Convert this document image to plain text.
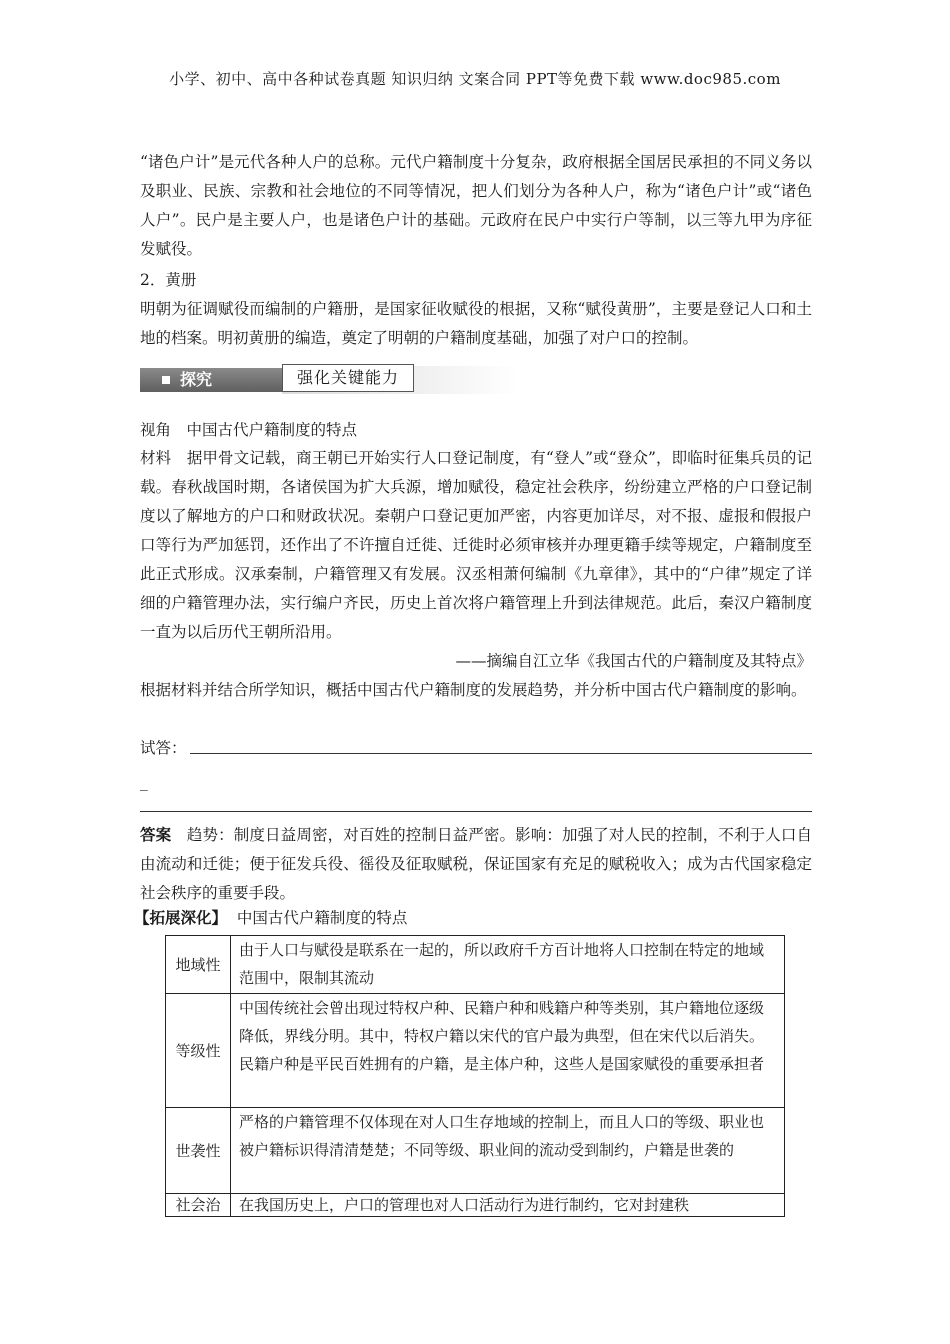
小学、初中、高中各种试卷真题 知识归纳 文案合同 PPT等免费下载 www.doc985.com
“诸色户计”是元代各种人户的总称。元代户籍制度十分复杂，政府根据全国居民承担的不同义务以及职业、民族、宗教和社会地位的不同等情况，把人们划分为各种人户，称为“诸色户计”或“诸色人户”。民户是主要人户，也是诸色户计的基础。元政府在民户中实行户等制，以三等九甲为序征发赋役。
2．黄册
明朝为征调赋役而编制的户籍册，是国家征收赋役的根据，又称“赋役黄册”，主要是登记人口和土地的档案。明初黄册的编造，奠定了明朝的户籍制度基础，加强了对户口的控制。
探究	强化关键能力
视角　中国古代户籍制度的特点
材料　 据甲骨文记载，商王朝已开始实行人口登记制度，有“登人”或“登众”，即临时征集兵员的记载。春秋战国时期，各诸侯国为扩大兵源，增加赋役，稳定社会秩序，纷纷建立严格的户口登记制度以了解地方的户口和财政状况。秦朝户口登记更加严密，内容更加详尽，对不报、虚报和假报户口等行为严加惩罚，还作出了不许擅自迁徙、迁徙时必须审核并办理更籍手续等规定，户籍制度至此正式形成。汉承秦制，户籍管理又有发展。汉丞相萧何编制《九章律》，其中的“户律”规定了详细的户籍管理办法，实行编户齐民，历史上首次将户籍管理上升到法律规范。此后，秦汉户籍制度一直为以后历代王朝所沿用。
——摘编自江立华《我国古代的户籍制度及其特点》
根据材料并结合所学知识，概括中国古代户籍制度的发展趋势，并分析中国古代户籍制度的影响。
试答：
_
答案　 趋势：制度日益周密，对百姓的控制日益严密。影响：加强了对人民的控制，不利于人口自由流动和迁徙；便于征发兵役、徭役及征取赋税，保证国家有充足的赋税收入；成为古代国家稳定社会秩序的重要手段。
【拓展深化】 中国古代户籍制度的特点
地域性	由于人口与赋役是联系在一起的，所以政府千方百计地将人口控制在特定的地域范围中，限制其流动
等级性	中国传统社会曾出现过特权户种、民籍户种和贱籍户种等类别，其户籍地位逐级降低，界线分明。其中，特权户籍以宋代的官户最为典型，但在宋代以后消失。民籍户种是平民百姓拥有的户籍，是主体户种，这些人是国家赋役的重要承担者
世袭性	严格的户籍管理不仅体现在对人口生存地域的控制上，而且人口的等级、职业也被户籍标识得清清楚楚；不同等级、职业间的流动受到制约，户籍是世袭的
社会治	在我国历史上，户口的管理也对人口活动行为进行制约，它对封建秩
